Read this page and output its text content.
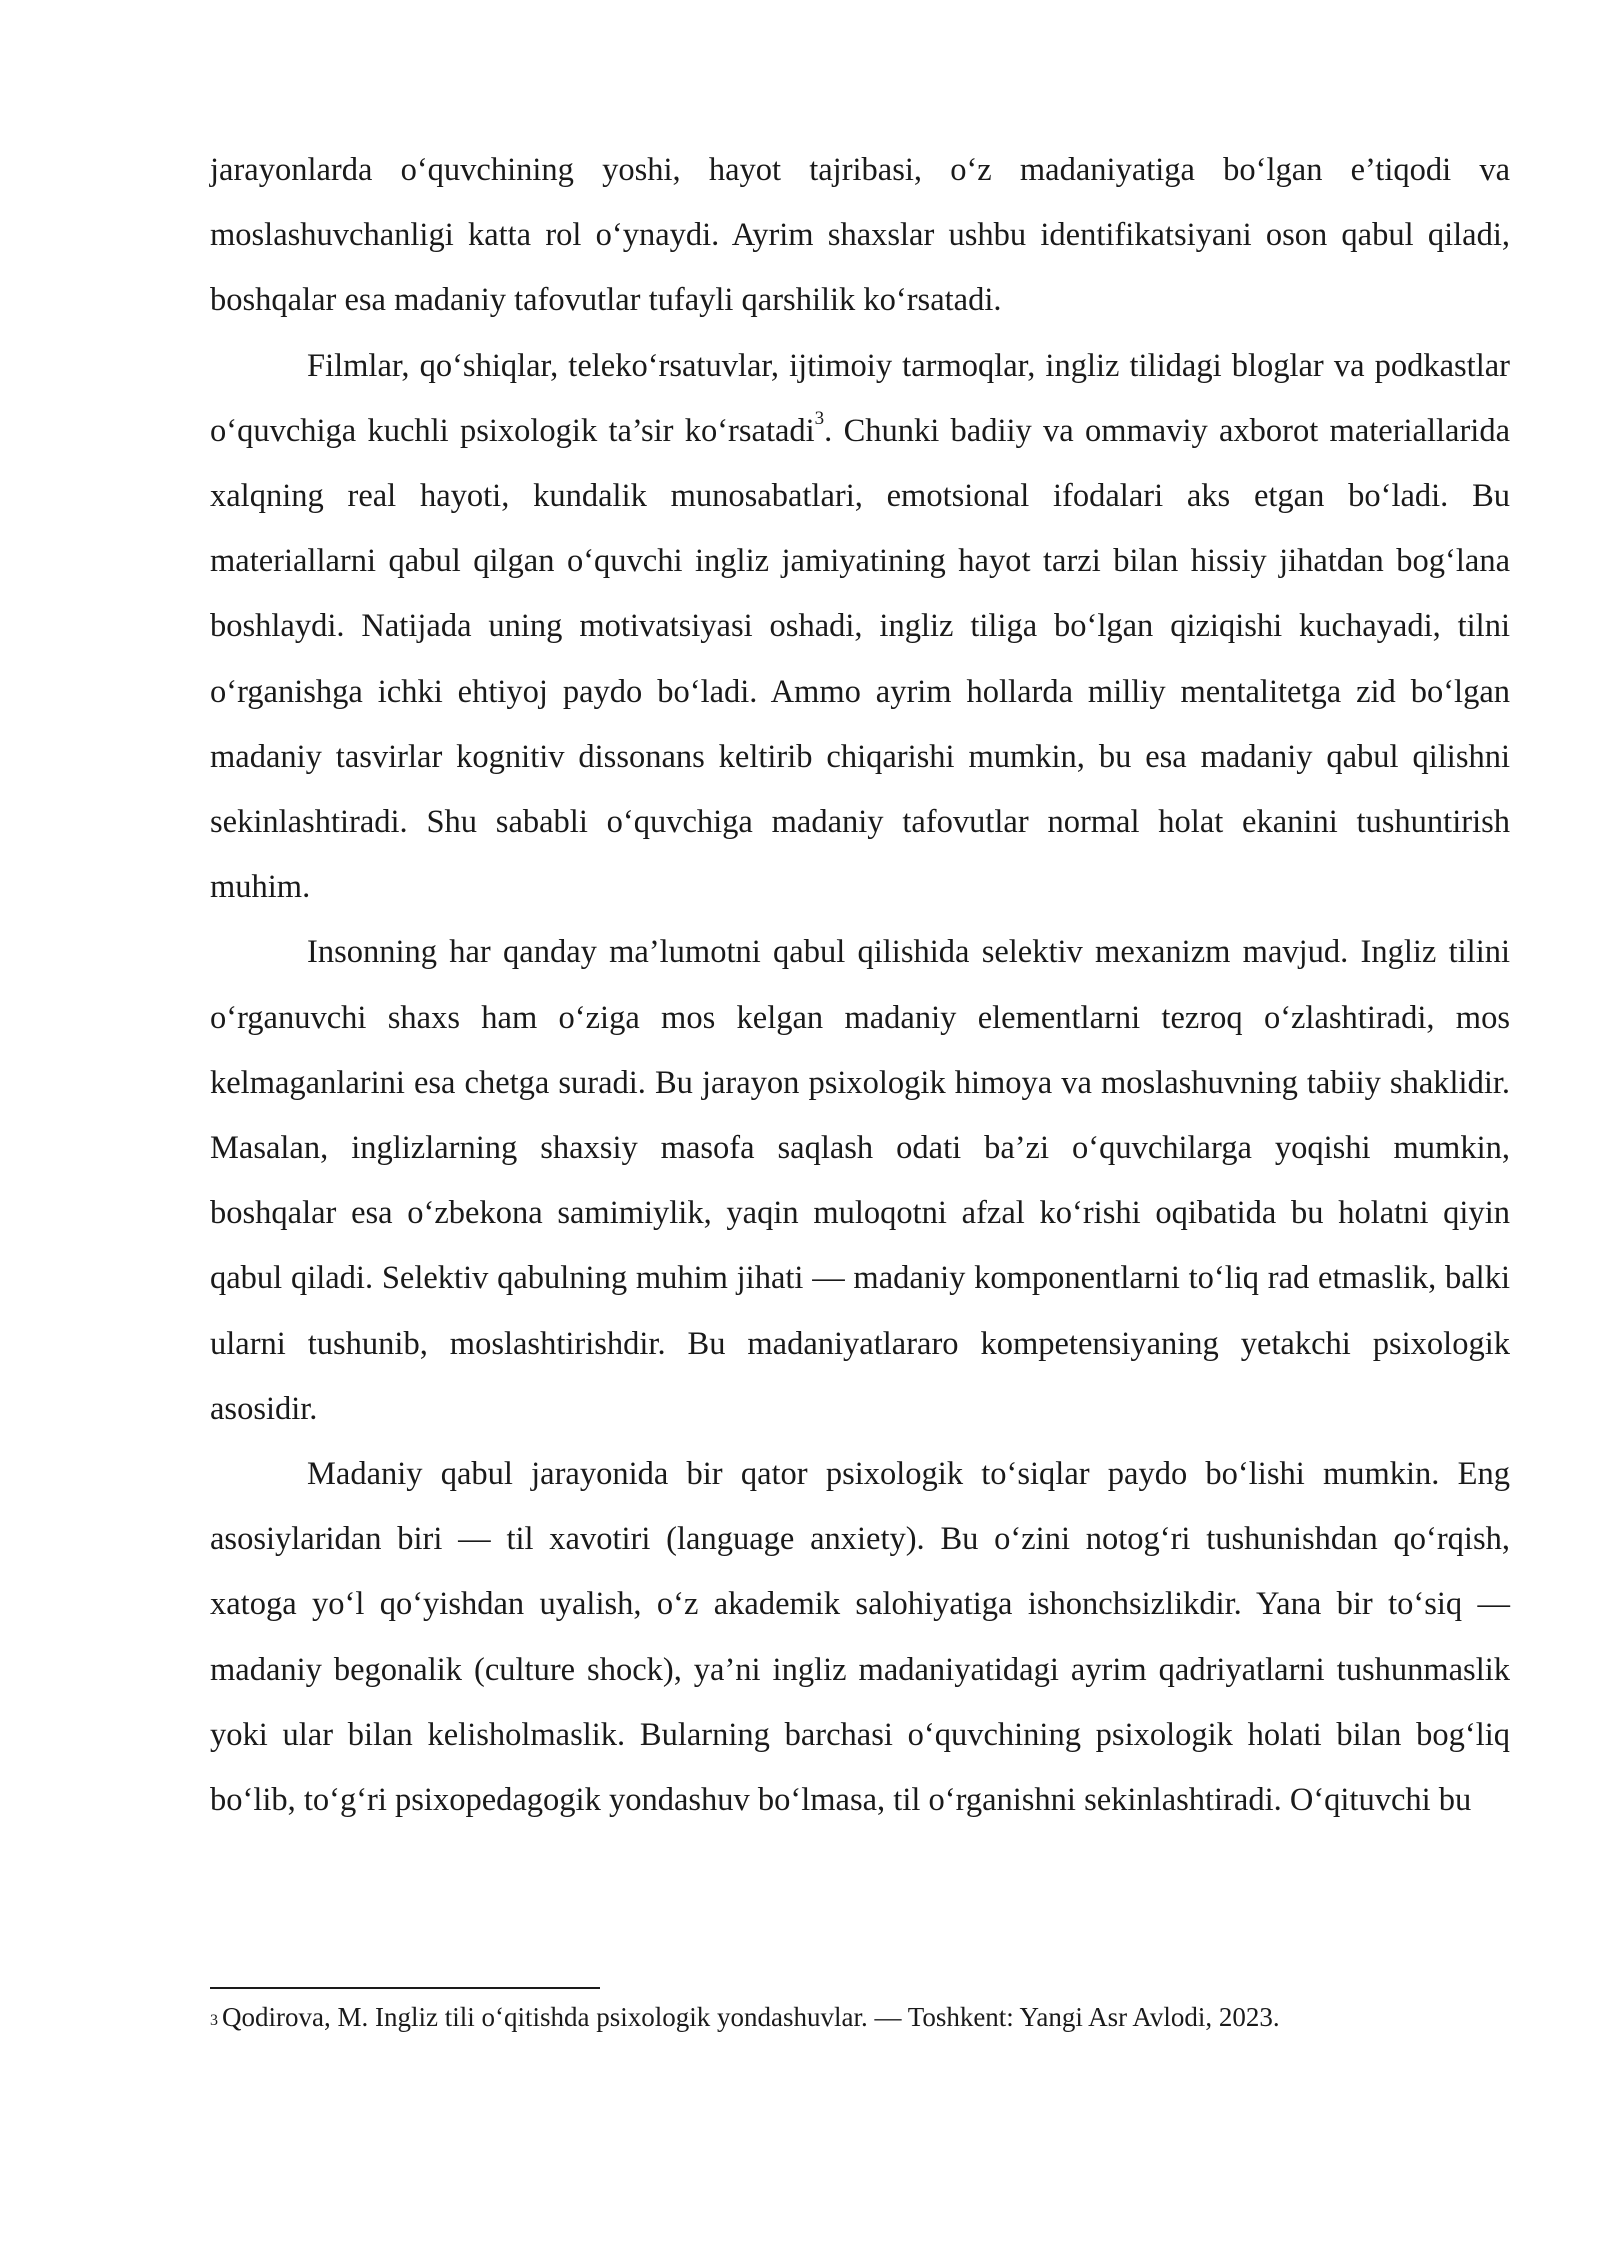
jarayonlarda o‘quvchining yoshi, hayot tajribasi, o‘z madaniyatiga bo‘lgan e’tiqodi va moslashuvchanligi katta rol o‘ynaydi. Ayrim shaxslar ushbu identifikatsiyani oson qabul qiladi, boshqalar esa madaniy tafovutlar tufayli qarshilik ko‘rsatadi.

Filmlar, qo‘shiqlar, teleko‘rsatuvlar, ijtimoiy tarmoqlar, ingliz tilidagi bloglar va podkastlar o‘quvchiga kuchli psixologik ta’sir ko‘rsatadi$^3$. Chunki badiiy va ommaviy axborot materiallarida xalqning real hayoti, kundalik munosabatlari, emotsional ifodalari aks etgan bo‘ladi. Bu materiallarni qabul qilgan o‘quvchi ingliz jamiyatining hayot tarzi bilan hissiy jihatdan bog‘lana boshlaydi. Natijada uning motivatsiyasi oshadi, ingliz tiliga bo‘lgan qiziqishi kuchayadi, tilni o‘rganishga ichki ehtiyoj paydo bo‘ladi. Ammo ayrim hollarda milliy mentalitetga zid bo‘lgan madaniy tasvirlar kognitiv dissonans keltirib chiqarishi mumkin, bu esa madaniy qabul qilishni sekinlashtiradi. Shu sababli o‘quvchiga madaniy tafovutlar normal holat ekanini tushuntirish muhim.

Insonning har qanday ma’lumotni qabul qilishida selektiv mexanizm mavjud. Ingliz tilini o‘rganuvchi shaxs ham o‘ziga mos kelgan madaniy elementlarni tezroq o‘zlashtiradi, mos kelmaganlarini esa chetga suradi. Bu jarayon psixologik himoya va moslashuvning tabiiy shaklidir. Masalan, inglizlarning shaxsiy masofa saqlash odati ba’zi o‘quvchilarga yoqishi mumkin, boshqalar esa o‘zbekona samimiylik, yaqin muloqotni afzal ko‘rishi oqibatida bu holatni qiyin qabul qiladi. Selektiv qabulning muhim jihati — madaniy komponentlarni to‘liq rad etmaslik, balki ularni tushunib, moslashtirishdir. Bu madaniyatlararo kompetensiyaning yetakchi psixologik asosidir.

Madaniy qabul jarayonida bir qator psixologik to‘siqlar paydo bo‘lishi mumkin. Eng asosiylaridan biri — til xavotiri (language anxiety). Bu o‘zini notog‘ri tushunishdan qo‘rqish, xatoga yo‘l qo‘yishdan uyalish, o‘z akademik salohiyatiga ishonchsizlikdir. Yana bir to‘siq — madaniy begonalik (culture shock), ya’ni ingliz madaniyatidagi ayrim qadriyatlarni tushunmaslik yoki ular bilan kelisholmaslik. Bularning barchasi o‘quvchining psixologik holati bilan bog‘liq bo‘lib, to‘g‘ri psixopedagogik yondashuv bo‘lmasa, til o‘rganishni sekinlashtiradi. O‘qituvchi bu

$^3$ Qodirova, M. Ingliz tili o‘qitishda psixologik yondashuvlar. — Toshkent: Yangi Asr Avlodi, 2023.
